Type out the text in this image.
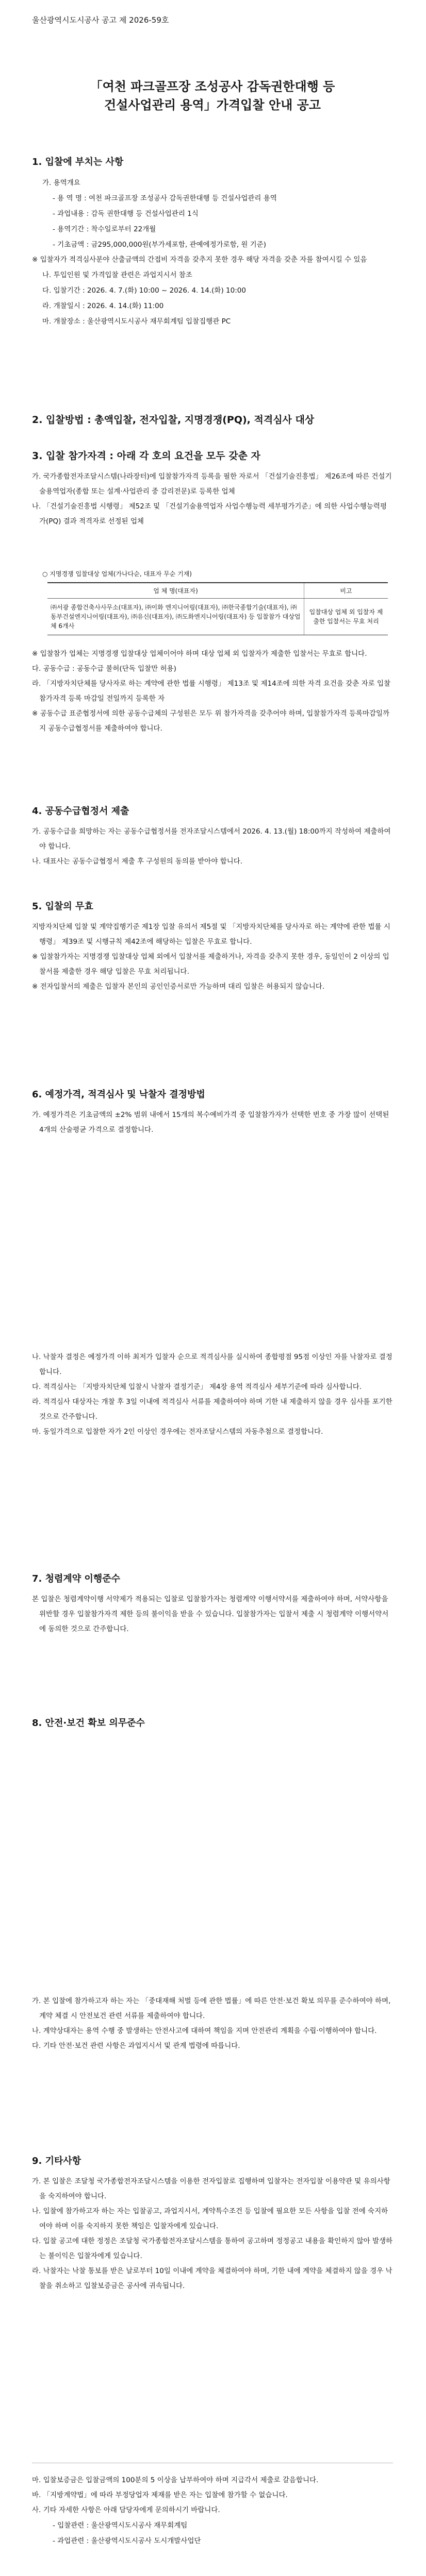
울산광역시도시공사 공고 제 2026-59호
「여천 파크골프장 조성공사 감독권한대행 등
건설사업관리 용역」가격입찰 안내 공고
1. 입찰에 부치는 사항
가. 용역개요
- 용 역 명 : 여천 파크골프장 조성공사 감독권한대행 등 건설사업관리 용역
- 과업내용 : 감독 권한대행 등 건설사업관리 1식
- 용역기간 : 착수일로부터 22개월
- 기초금액 : 금295,000,000원(부가세포함, 관예에정가로함, 원 기준)
※ 입찰자가 적격심사분야 산출금액의 간접비 자격을 갖추지 못한 경우 해당 자격을 갖춘 자를 참여시킬 수 있음
나. 투입인원 및 가격입찰 관련은 과업지시서 참조
다. 입찰기간 : 2026. 4. 7.(화) 10:00 ~ 2026. 4. 14.(화) 10:00
라. 개찰일시 : 2026. 4. 14.(화) 11:00
마. 개찰장소 : 울산광역시도시공사 재무회계팀 입찰집행관 PC
2. 입찰방법 : 총액입찰, 전자입찰, 지명경쟁(PQ), 적격심사 대상
3. 입찰 참가자격 : 아래 각 호의 요건을 모두 갖춘 자
가. 국가종합전자조달시스템(나라장터)에 입찰참가자격 등록을 필한 자로서 「건설기술진흥법」 제26조에 따른 건설기술용역업자(종합 또는 설계·사업관리 중 감리전문)로 등록한 업체
나. 「건설기술진흥법 시행령」 제52조 및 「건설기술용역업자 사업수행능력 세부평가기준」에 의한 사업수행능력평가(PQ) 결과 적격자로 선정된 업체
○ 지명경쟁 입찰대상 업체(가나다순, 대표자 무순 기재)
업 체 명(대표자)	비고
㈜서광 종합건축사사무소(대표자), ㈜이화 엔지니어링(대표자), ㈜한국종합기술(대표자), ㈜동부건설엔지니어링(대표자), ㈜유신(대표자), ㈜도화엔지니어링(대표자) 등 입찰참가 대상업체 6개사	입찰대상 업체 외 입찰자 제출한 입찰서는 무효 처리
※ 입찰참가 업체는 지명경쟁 입찰대상 업체이어야 하며 대상 업체 외 입찰자가 제출한 입찰서는 무효로 합니다.
다. 공동수급 : 공동수급 불허(단독 입찰만 허용)
라. 「지방자치단체를 당사자로 하는 계약에 관한 법률 시행령」 제13조 및 제14조에 의한 자격 요건을 갖춘 자로 입찰 참가자격 등록 마감일 전일까지 등록한 자
※ 공동수급 표준협정서에 의한 공동수급체의 구성원은 모두 위 참가자격을 갖추어야 하며, 입찰참가자격 등록마감일까지 공동수급협정서를 제출하여야 합니다.
4. 공동수급협정서 제출
가. 공동수급을 희망하는 자는 공동수급협정서를 전자조달시스템에서 2026. 4. 13.(월) 18:00까지 작성하여 제출하여야 합니다.
나. 대표사는 공동수급협정서 제출 후 구성원의 동의를 받아야 합니다.
5. 입찰의 무효
지방자치단체 입찰 및 계약집행기준 제1장 입찰 유의서 제5절 및 「지방자치단체를 당사자로 하는 계약에 관한 법률 시행령」 제39조 및 시행규칙 제42조에 해당하는 입찰은 무효로 합니다.
※ 입찰참가자는 지명경쟁 입찰대상 업체 외에서 입찰서를 제출하거나, 자격을 갖추지 못한 경우, 동일인이 2 이상의 입찰서를 제출한 경우 해당 입찰은 무효 처리됩니다.
※ 전자입찰서의 제출은 입찰자 본인의 공인인증서로만 가능하며 대리 입찰은 허용되지 않습니다.
6. 예정가격, 적격심사 및 낙찰자 결정방법
가. 예정가격은 기초금액의 ±2% 범위 내에서 15개의 복수예비가격 중 입찰참가자가 선택한 번호 중 가장 많이 선택된 4개의 산술평균 가격으로 결정합니다.
나. 낙찰자 결정은 예정가격 이하 최저가 입찰자 순으로 적격심사를 실시하여 종합평점 95점 이상인 자를 낙찰자로 결정합니다.
다. 적격심사는 「지방자치단체 입찰시 낙찰자 결정기준」 제4장 용역 적격심사 세부기준에 따라 심사합니다.
라. 적격심사 대상자는 개찰 후 3일 이내에 적격심사 서류를 제출하여야 하며 기한 내 제출하지 않을 경우 심사를 포기한 것으로 간주합니다.
마. 동일가격으로 입찰한 자가 2인 이상인 경우에는 전자조달시스템의 자동추첨으로 결정합니다.
7. 청렴계약 이행준수
본 입찰은 청렴계약이행 서약제가 적용되는 입찰로 입찰참가자는 청렴계약 이행서약서를 제출하여야 하며, 서약사항을 위반할 경우 입찰참가자격 제한 등의 불이익을 받을 수 있습니다. 입찰참가자는 입찰서 제출 시 청렴계약 이행서약서에 동의한 것으로 간주합니다.
8. 안전·보건 확보 의무준수
가. 본 입찰에 참가하고자 하는 자는 「중대재해 처벌 등에 관한 법률」에 따른 안전·보건 확보 의무를 준수하여야 하며, 계약 체결 시 안전보건 관련 서류를 제출하여야 합니다.
나. 계약상대자는 용역 수행 중 발생하는 안전사고에 대하여 책임을 지며 안전관리 계획을 수립·이행하여야 합니다.
다. 기타 안전·보건 관련 사항은 과업지시서 및 관계 법령에 따릅니다.
9. 기타사항
가. 본 입찰은 조달청 국가종합전자조달시스템을 이용한 전자입찰로 집행하며 입찰자는 전자입찰 이용약관 및 유의사항을 숙지하여야 합니다.
나. 입찰에 참가하고자 하는 자는 입찰공고, 과업지시서, 계약특수조건 등 입찰에 필요한 모든 사항을 입찰 전에 숙지하여야 하며 이를 숙지하지 못한 책임은 입찰자에게 있습니다.
다. 입찰 공고에 대한 정정은 조달청 국가종합전자조달시스템을 통하여 공고하며 정정공고 내용을 확인하지 않아 발생하는 불이익은 입찰자에게 있습니다.
라. 낙찰자는 낙찰 통보를 받은 날로부터 10일 이내에 계약을 체결하여야 하며, 기한 내에 계약을 체결하지 않을 경우 낙찰을 취소하고 입찰보증금은 공사에 귀속됩니다.
마. 입찰보증금은 입찰금액의 100분의 5 이상을 납부하여야 하며 지급각서 제출로 갈음합니다.
바. 「지방계약법」에 따라 부정당업자 제재를 받은 자는 입찰에 참가할 수 없습니다.
사. 기타 자세한 사항은 아래 담당자에게 문의하시기 바랍니다.
- 입찰관련 : 울산광역시도시공사 재무회계팀
- 과업관련 : 울산광역시도시공사 도시개발사업단
